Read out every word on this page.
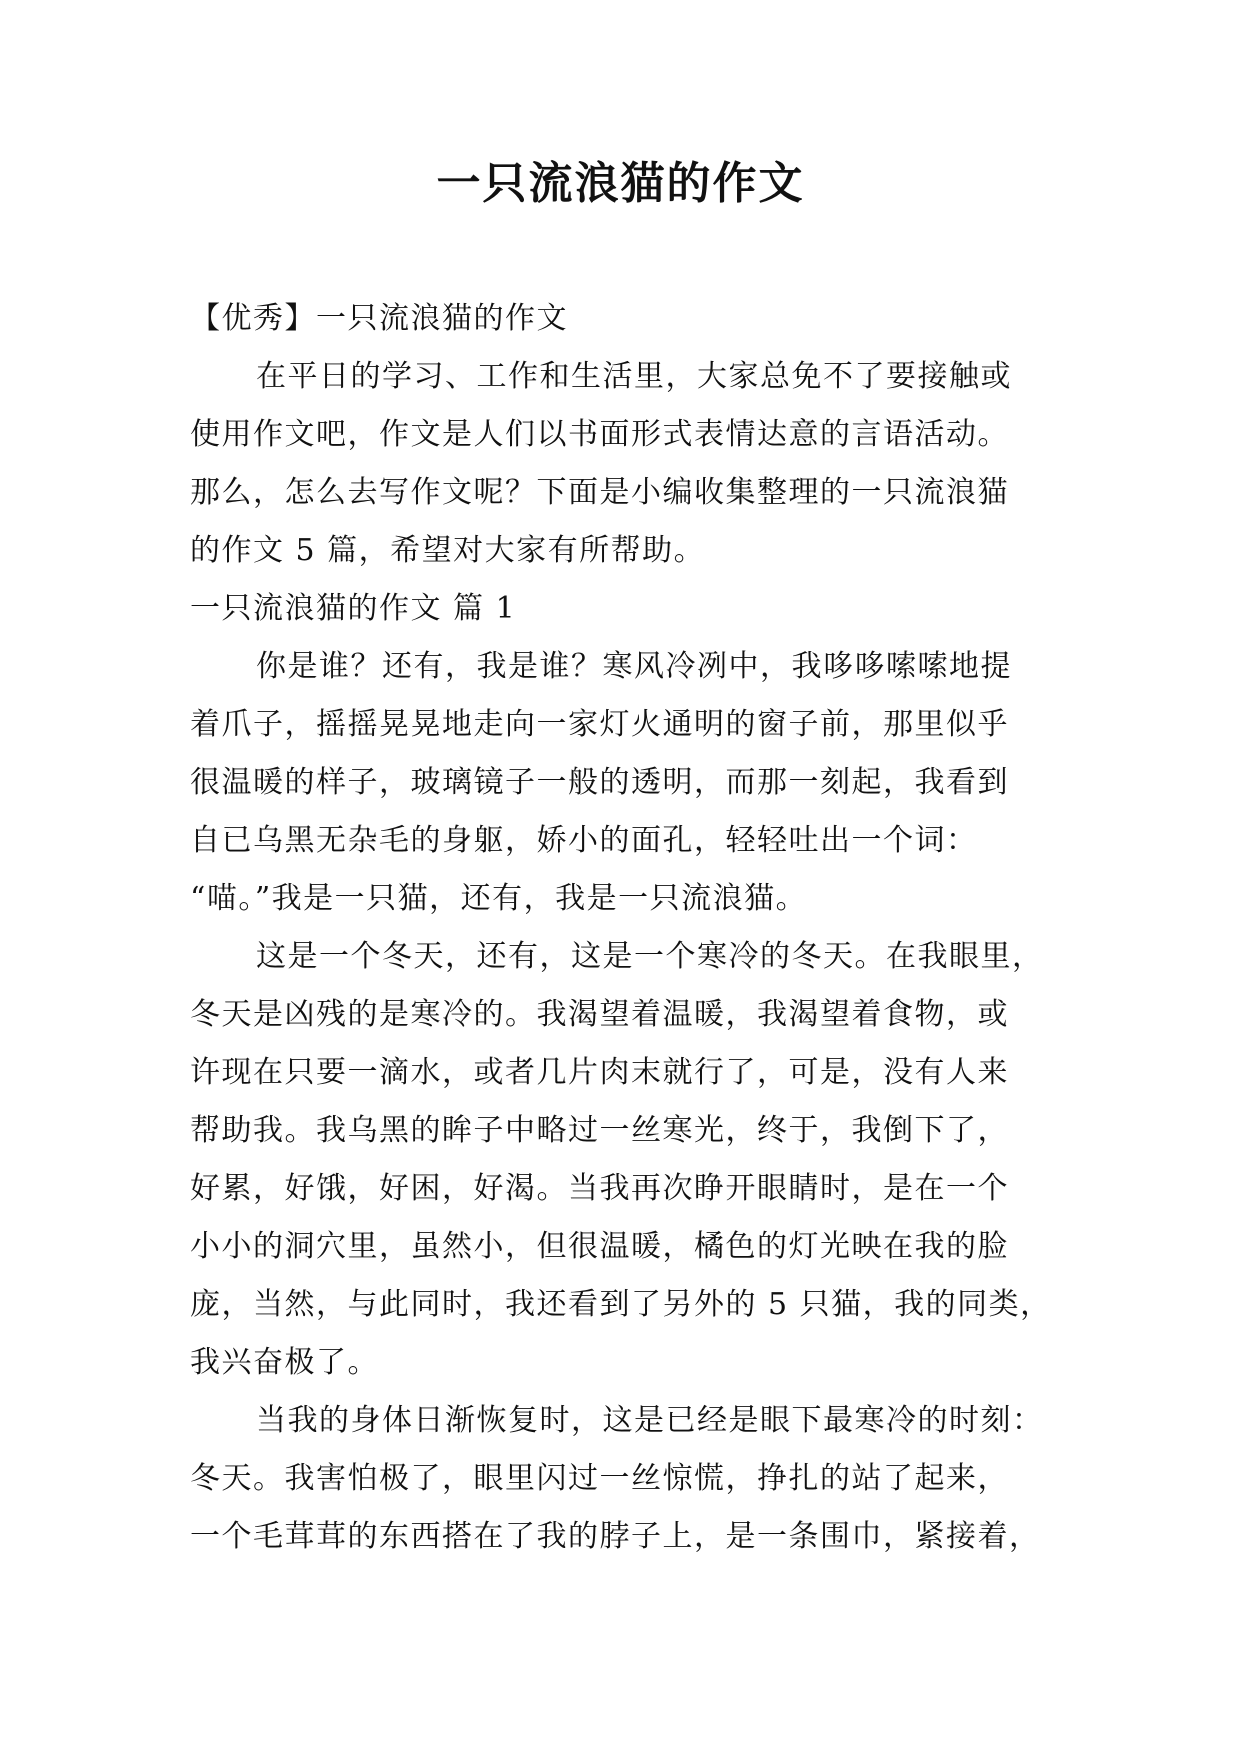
一只流浪猫的作文
【优秀】一只流浪猫的作文
在平日的学习、工作和生活里，大家总免不了要接触或
使用作文吧，作文是人们以书面形式表情达意的言语活动。
那么，怎么去写作文呢？下面是小编收集整理的一只流浪猫
的作文 5 篇，希望对大家有所帮助。
一只流浪猫的作文 篇 1
你是谁？还有，我是谁？寒风冷冽中，我哆哆嗦嗦地提
着爪子，摇摇晃晃地走向一家灯火通明的窗子前，那里似乎
很温暖的样子，玻璃镜子一般的透明，而那一刻起，我看到
自已乌黑无杂毛的身躯，娇小的面孔，轻轻吐出一个词：
“喵。”我是一只猫，还有，我是一只流浪猫。
这是一个冬天，还有，这是一个寒冷的冬天。在我眼里，
冬天是凶残的是寒冷的。我渴望着温暖，我渴望着食物，或
许现在只要一滴水，或者几片肉末就行了，可是，没有人来
帮助我。我乌黑的眸子中略过一丝寒光，终于，我倒下了，
好累，好饿，好困，好渴。当我再次睁开眼睛时，是在一个
小小的洞穴里，虽然小，但很温暖，橘色的灯光映在我的脸
庞，当然，与此同时，我还看到了另外的 5 只猫，我的同类，
我兴奋极了。
当我的身体日渐恢复时，这是已经是眼下最寒冷的时刻：
冬天。我害怕极了，眼里闪过一丝惊慌，挣扎的站了起来，
一个毛茸茸的东西搭在了我的脖子上，是一条围巾，紧接着，
